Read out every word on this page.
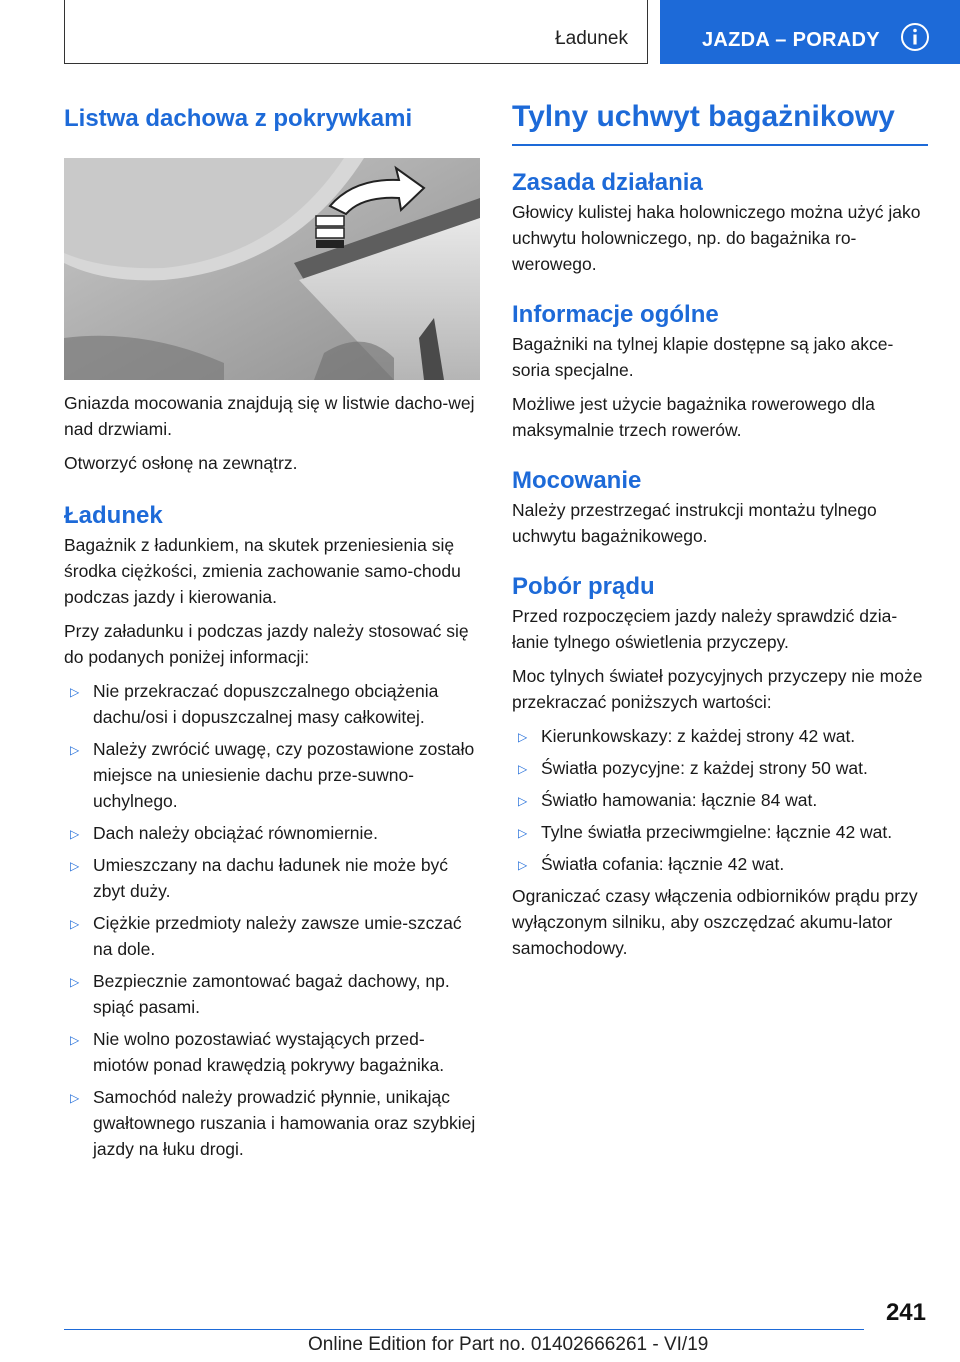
Ładunek	JAZDA – PORADY
Listwa dachowa z pokrywkami

Gniazda mocowania znajdują się w listwie dacho-wej nad drzwiami.

Otworzyć osłonę na zewnątrz.

Ładunek

Bagażnik z ładunkiem, na skutek przeniesienia się środka ciężkości, zmienia zachowanie samo-chodu podczas jazdy i kierowania.

Przy załadunku i podczas jazdy należy stosować się do podanych poniżej informacji:

▷ Nie przekraczać dopuszczalnego obciążenia dachu/osi i dopuszczalnej masy całkowitej.
▷ Należy zwrócić uwagę, czy pozostawione zostało miejsce na uniesienie dachu prze-suwno-uchylnego.
▷ Dach należy obciążać równomiernie.
▷ Umieszczany na dachu ładunek nie może być zbyt duży.
▷ Ciężkie przedmioty należy zawsze umie-szczać na dole.
▷ Bezpiecznie zamontować bagaż dachowy, np. spiąć pasami.
▷ Nie wolno pozostawiać wystających przed-miotów ponad krawędzią pokrywy bagażnika.
▷ Samochód należy prowadzić płynnie, unikając gwałtownego ruszania i hamowania oraz szybkiej jazdy na łuku drogi.
Tylny uchwyt bagażnikowy
Zasada działania

Głowicy kulistej haka holowniczego można użyć jako uchwytu holowniczego, np. do bagażnika ro-werowego.

Informacje ogólne

Bagażniki na tylnej klapie dostępne są jako akce-soria specjalne.

Możliwe jest użycie bagażnika rowerowego dla maksymalnie trzech rowerów.

Mocowanie

Należy przestrzegać instrukcji montażu tylnego uchwytu bagażnikowego.

Pobór prądu

Przed rozpoczęciem jazdy należy sprawdzić dzia-łanie tylnego oświetlenia przyczepy.

Moc tylnych świateł pozycyjnych przyczepy nie może przekraczać poniższych wartości:

▷ Kierunkowskazy: z każdej strony 42 wat.
▷ Światła pozycyjne: z każdej strony 50 wat.
▷ Światło hamowania: łącznie 84 wat.
▷ Tylne światła przeciwmgielne: łącznie 42 wat.
▷ Światła cofania: łącznie 42 wat.

Ograniczać czasy włączenia odbiorników prądu przy wyłączonym silniku, aby oszczędzać akumu-lator samochodowy.

241
Online Edition for Part no. 01402666261 - VI/19
